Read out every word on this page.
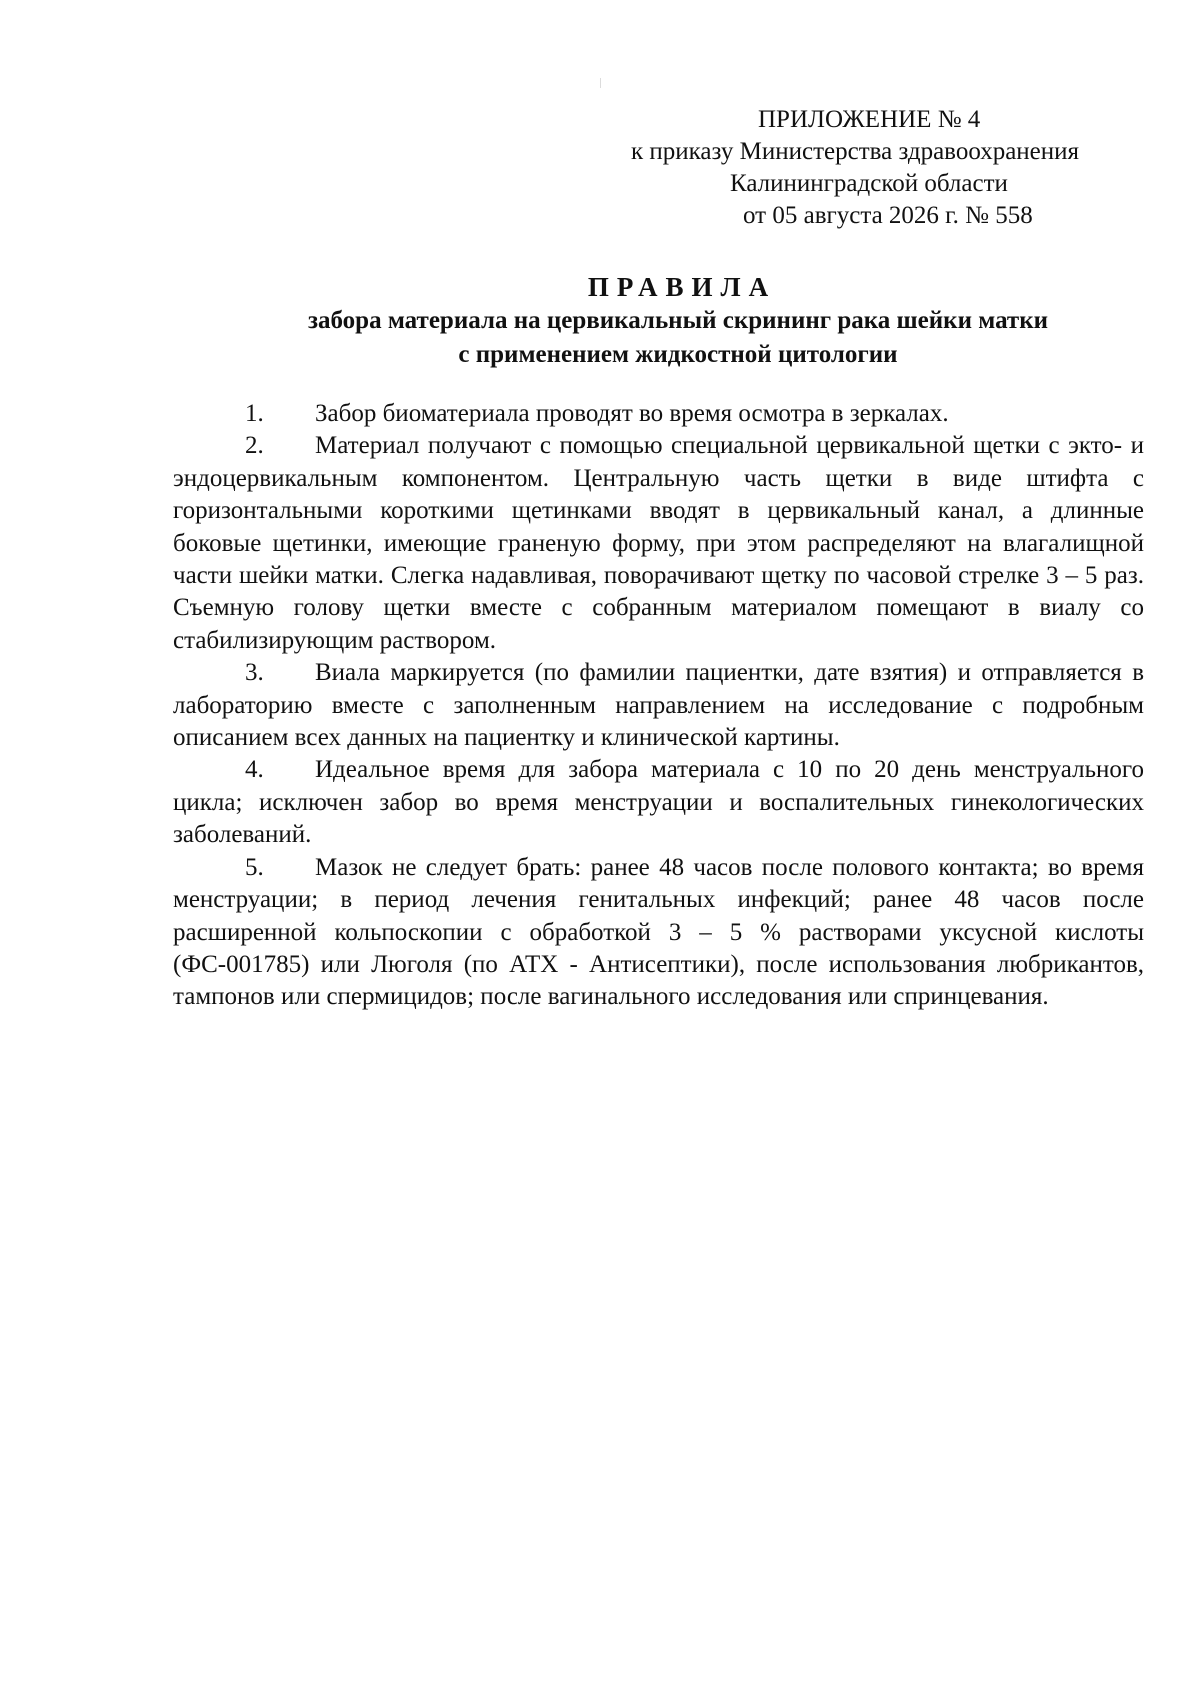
ПРИЛОЖЕНИЕ № 4
к приказу Министерства здравоохранения
Калининградской области
от 05 августа 2026 г. № 558
ПРАВИЛА
забора материала на цервикальный скрининг рака шейки матки
с применением жидкостной цитологии

1. Забор биоматериала проводят во время осмотра в зеркалах.

2. Материал получают с помощью специальной цервикальной щетки с экто- и эндоцервикальным компонентом. Центральную часть щетки в виде штифта с горизонтальными короткими щетинками вводят в цервикальный канал, а длинные боковые щетинки, имеющие граненую форму, при этом распределяют на влагалищной части шейки матки. Слегка надавливая, поворачивают щетку по часовой стрелке 3 – 5 раз. Съемную голову щетки вместе с собранным материалом помещают в виалу со стабилизирующим раствором.

3. Виала маркируется (по фамилии пациентки, дате взятия) и отправляется в лабораторию вместе с заполненным направлением на исследование с подробным описанием всех данных на пациентку и клинической картины.

4. Идеальное время для забора материала с 10 по 20 день менструального цикла; исключен забор во время менструации и воспалительных гинекологических заболеваний.

5. Мазок не следует брать: ранее 48 часов после полового контакта; во время менструации; в период лечения генитальных инфекций; ранее 48 часов после расширенной кольпоскопии с обработкой 3 – 5 % растворами уксусной кислоты (ФС-001785) или Люголя (по АТХ - Антисептики), после использования любрикантов, тампонов или спермицидов; после вагинального исследования или спринцевания.
